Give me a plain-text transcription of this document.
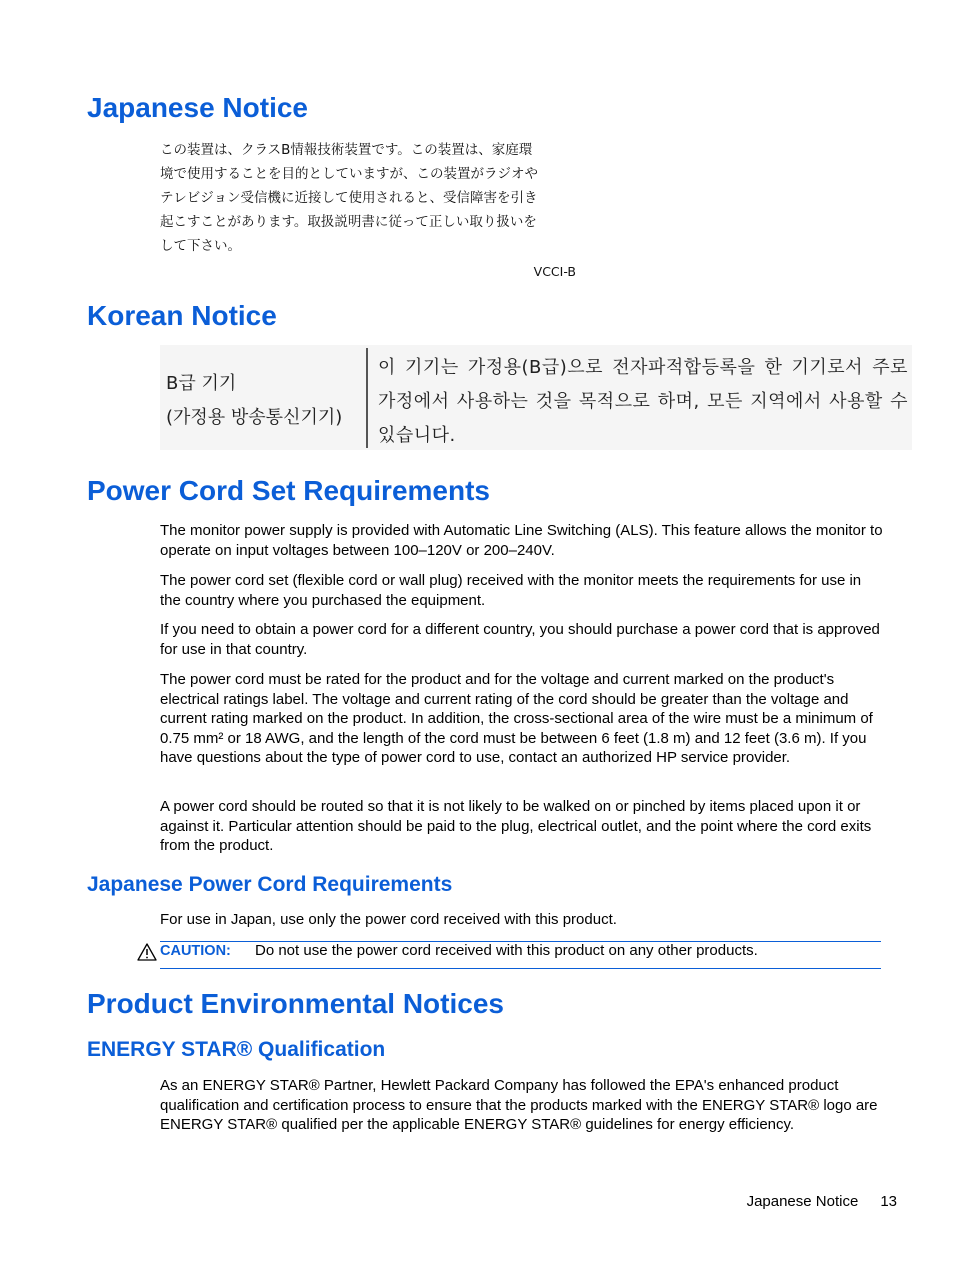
Japanese Notice
この装置は、クラスB情報技術装置です。この装置は、家庭環
境で使用することを目的としていますが、この装置がラジオや
テレビジョン受信機に近接して使用されると、受信障害を引き
起こすことがあります。取扱説明書に従って正しい取り扱いを
して下さい。
VCCI-B
Korean Notice
B급 기기
(가정용 방송통신기기)
이 기기는 가정용(B급)으로 전자파적합등록을 한 기기로서 주로 가정에서 사용하는 것을 목적으로 하며, 모든 지역에서 사용할 수 있습니다.
Power Cord Set Requirements

The monitor power supply is provided with Automatic Line Switching (ALS). This feature allows the monitor to operate on input voltages between 100–120V or 200–240V.

The power cord set (flexible cord or wall plug) received with the monitor meets the requirements for use in the country where you purchased the equipment.

If you need to obtain a power cord for a different country, you should purchase a power cord that is approved for use in that country.

The power cord must be rated for the product and for the voltage and current marked on the product's electrical ratings label. The voltage and current rating of the cord should be greater than the voltage and current rating marked on the product. In addition, the cross-sectional area of the wire must be a minimum of 0.75 mm² or 18 AWG, and the length of the cord must be between 6 feet (1.8 m) and 12 feet (3.6 m). If you have questions about the type of power cord to use, contact an authorized HP service provider.

A power cord should be routed so that it is not likely to be walked on or pinched by items placed upon it or against it. Particular attention should be paid to the plug, electrical outlet, and the point where the cord exits from the product.

Japanese Power Cord Requirements

For use in Japan, use only the power cord received with this product.

CAUTION: Do not use the power cord received with this product on any other products.
Product Environmental Notices
ENERGY STAR® Qualification

As an ENERGY STAR® Partner, Hewlett Packard Company has followed the EPA's enhanced product qualification and certification process to ensure that the products marked with the ENERGY STAR® logo are ENERGY STAR® qualified per the applicable ENERGY STAR® guidelines for energy efficiency.

Japanese Notice 13
